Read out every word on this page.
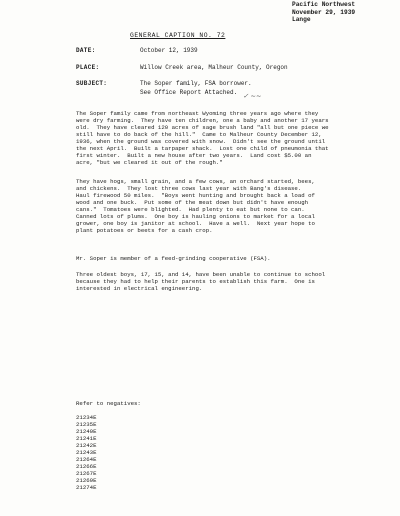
Pacific Northwest
November 29, 1939
Lange
GENERAL CAPTION NO. 72
DATE:	October 12, 1939
PLACE:	Willow Creek area, Malheur County, Oregon
SUBJECT:	The Soper family, FSA borrower.
See Office Report Attached. ✓ ~~

The Soper family came from northeast Wyoming three years ago where they
were dry farming.  They have ten children, one a baby and another 17 years
old.  They have cleared 120 acres of sage brush land "all but one piece we
still have to do back of the hill."  Came to Malheur County December 12,
1936, when the ground was covered with snow.  Didn't see the ground until
the next April.  Built a tarpaper shack.  Lost one child of pneumonia that
first winter.  Built a new house after two years.  Land cost $5.00 an
acre, "but we cleared it out of the rough."

They have hogs, small grain, and a few cows, an orchard started, bees,
and chickens.  They lost three cows last year with Bang's disease.
Haul firewood 50 miles.  "Boys went hunting and brought back a load of
wood and one buck.  Put some of the meat down but didn't have enough
cans."  Tomatoes were blighted.  Had plenty to eat but none to can.
Canned lots of plums.  One boy is hauling onions to market for a local
grower, one boy is janitor at school.  Have a well.  Next year hope to
plant potatoes or beets for a cash crop.

Mr. Soper is member of a feed-grinding cooperative (FSA).

Three oldest boys, 17, 15, and 14, have been unable to continue to school
because they had to help their parents to establish this farm.  One is
interested in electrical engineering.

Refer to negatives:
21234E
21235E
21240E
21241E
21242E
21243E
21264E
21266E
21267E
21269E
21274E
